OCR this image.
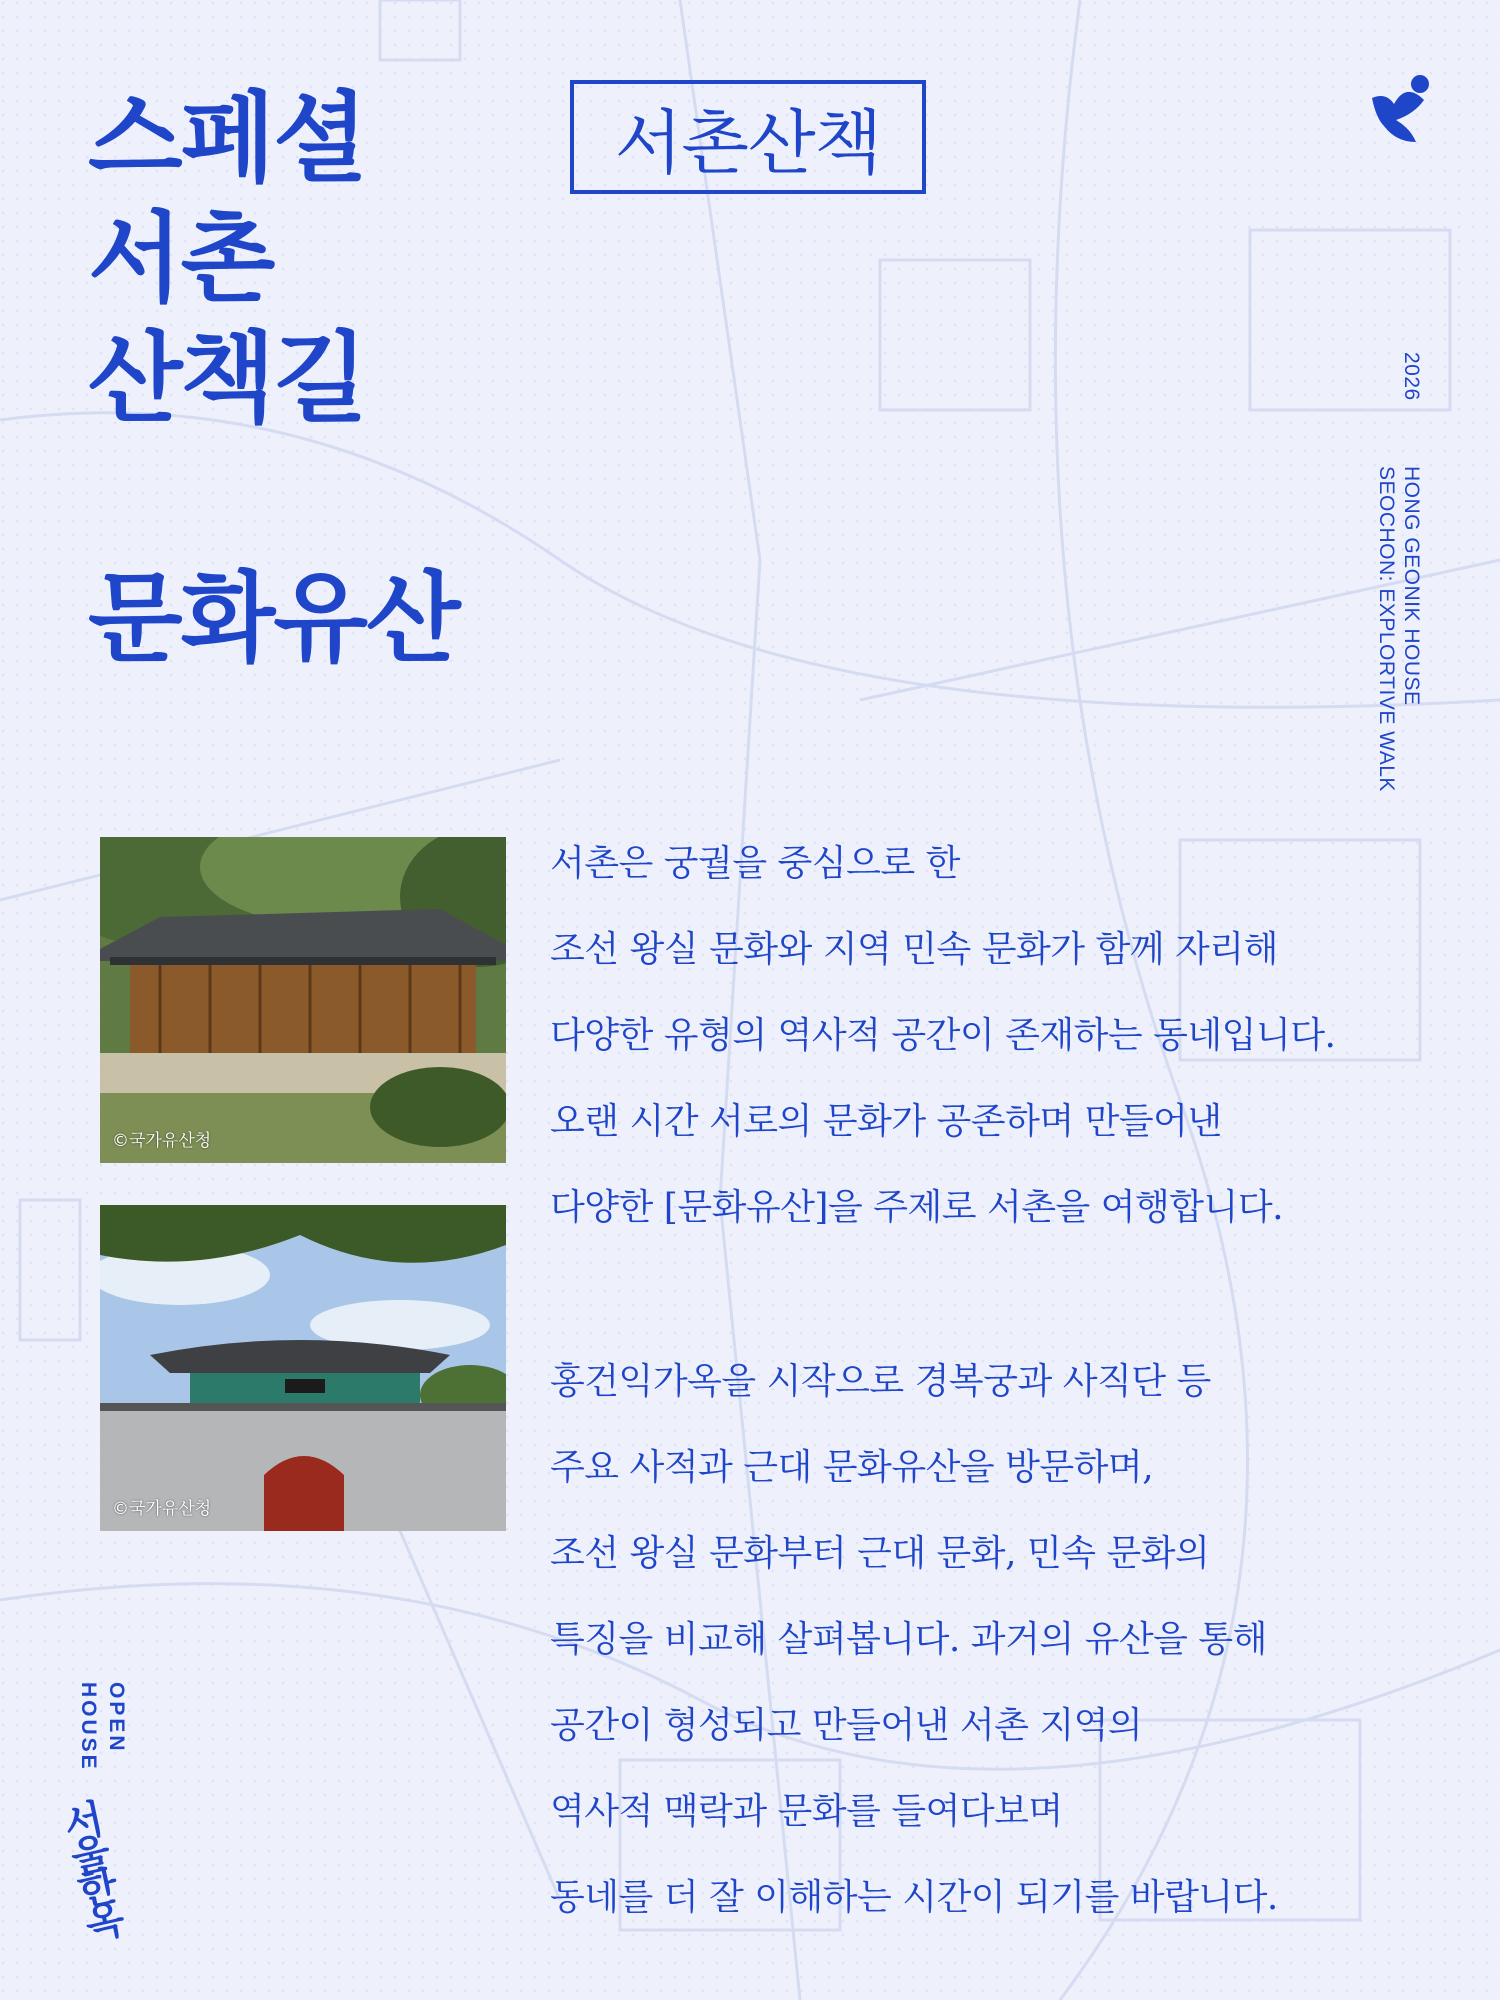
스페셜
서촌
산책길
문화유산
서촌산책
2026
HONG GEONIK HOUSE
SEOCHON: EXPLORTIVE WALK
©국가유산청
©국가유산청
서촌은 궁궐을 중심으로 한
조선 왕실 문화와 지역 민속 문화가 함께 자리해
다양한 유형의 역사적 공간이 존재하는 동네입니다.
오랜 시간 서로의 문화가 공존하며 만들어낸
다양한 [문화유산]을 주제로 서촌을 여행합니다.
홍건익가옥을 시작으로 경복궁과 사직단 등
주요 사적과 근대 문화유산을 방문하며,
조선 왕실 문화부터 근대 문화, 민속 문화의
특징을 비교해 살펴봅니다. 과거의 유산을 통해
공간이 형성되고 만들어낸 서촌 지역의
역사적 맥락과 문화를 들여다보며
동네를 더 잘 이해하는 시간이 되기를 바랍니다.
OPEN
HOUSE
서울한옥
